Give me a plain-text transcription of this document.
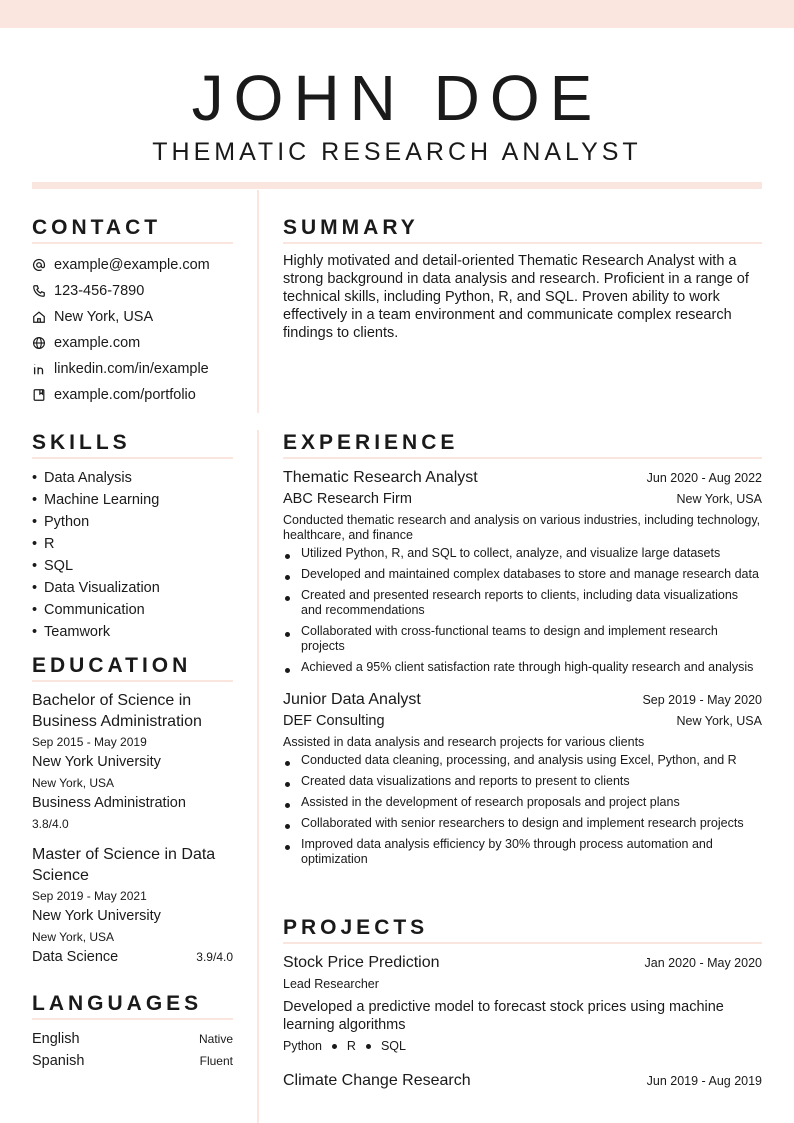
JOHN DOE
THEMATIC RESEARCH ANALYST
CONTACT
example@example.com
123-456-7890
New York, USA
example.com
linkedin.com/in/example
example.com/portfolio
SUMMARY

Highly motivated and detail-oriented Thematic Research Analyst with a strong background in data analysis and research. Proficient in a range of technical skills, including Python, R, and SQL. Proven ability to work effectively in a team environment and communicate complex research findings to clients.

SKILLS
• Data Analysis
• Machine Learning
• Python
• R
• SQL
• Data Visualization
• Communication
• Teamwork
EDUCATION
Bachelor of Science in Business Administration
Sep 2015 - May 2019
New York University
New York, USA
Business Administration
3.8/4.0
Master of Science in Data Science
Sep 2019 - May 2021
New York University
New York, USA
Data Science	3.9/4.0
LANGUAGES
English	Native
Spanish	Fluent
EXPERIENCE
Thematic Research Analyst	Jun 2020 - Aug 2022
ABC Research Firm	New York, USA
Conducted thematic research and analysis on various industries, including technology, healthcare, and finance
Utilized Python, R, and SQL to collect, analyze, and visualize large datasets
Developed and maintained complex databases to store and manage research data
Created and presented research reports to clients, including data visualizations and recommendations
Collaborated with cross-functional teams to design and implement research projects
Achieved a 95% client satisfaction rate through high-quality research and analysis
Junior Data Analyst	Sep 2019 - May 2020
DEF Consulting	New York, USA
Assisted in data analysis and research projects for various clients
Conducted data cleaning, processing, and analysis using Excel, Python, and R
Created data visualizations and reports to present to clients
Assisted in the development of research proposals and project plans
Collaborated with senior researchers to design and implement research projects
Improved data analysis efficiency by 30% through process automation and optimization
PROJECTS
Stock Price Prediction	Jan 2020 - May 2020
Lead Researcher
Developed a predictive model to forecast stock prices using machine learning algorithms
Python R SQL
Climate Change Research	Jun 2019 - Aug 2019
